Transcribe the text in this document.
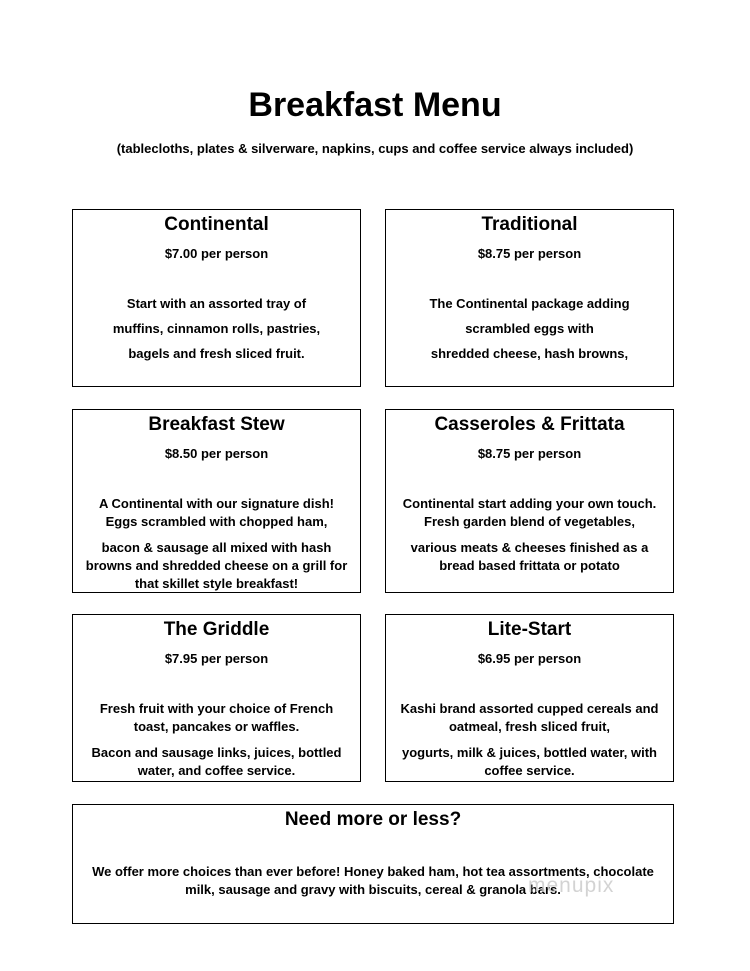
Breakfast Menu
(tablecloths, plates & silverware, napkins, cups and coffee service always included)
Continental
$7.00 per person

Start with an assorted tray of

muffins, cinnamon rolls, pastries,

bagels and fresh sliced fruit.

Traditional
$8.75 per person

The Continental package adding

scrambled eggs with

shredded cheese, hash browns,

Breakfast Stew
$8.50 per person

A Continental with our signature dish!

Eggs scrambled with chopped ham,

bacon & sausage all mixed with hash

browns and shredded cheese on a grill for

that skillet style breakfast!

Casseroles & Frittata
$8.75 per person

Continental start adding your own touch.

Fresh garden blend of vegetables,

various meats & cheeses finished as a

bread based frittata or potato

The Griddle
$7.95 per person

Fresh fruit with your choice of French

toast, pancakes or waffles.

Bacon and sausage links, juices, bottled

water, and coffee service.

Lite-Start
$6.95 per person

Kashi brand assorted cupped cereals and

oatmeal, fresh sliced fruit,

yogurts, milk & juices, bottled water, with

coffee service.

Need more or less?

We offer more choices than ever before! Honey baked ham, hot tea assortments, chocolate

milk, sausage and gravy with biscuits, cereal & granola bars.

menupix
